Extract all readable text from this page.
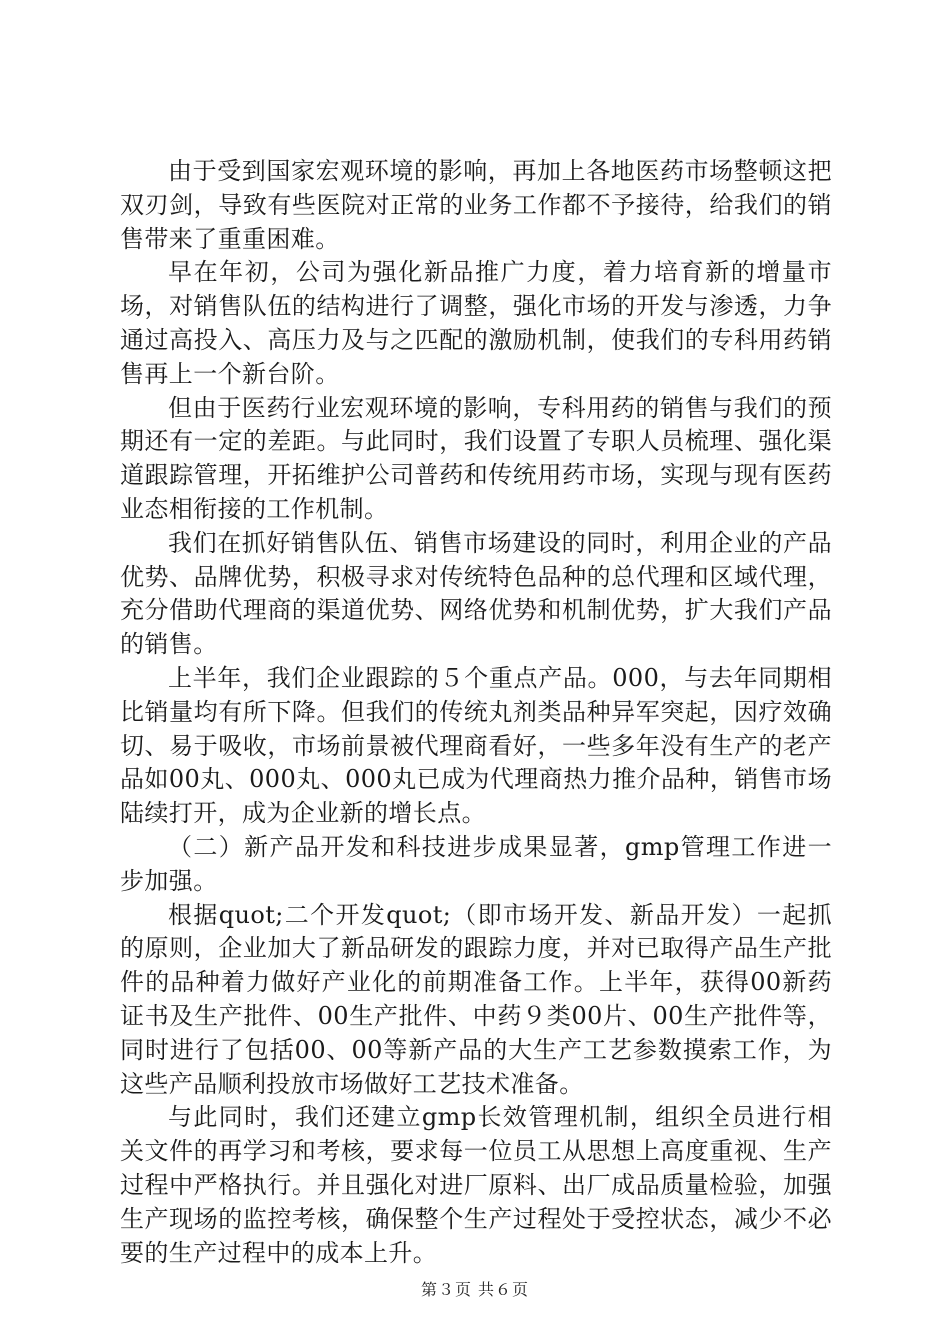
由于受到国家宏观环境的影响，再加上各地医药市场整顿这把双刃剑，导致有些医院对正常的业务工作都不予接待，给我们的销售带来了重重困难。

早在年初，公司为强化新品推广力度，着力培育新的增量市场，对销售队伍的结构进行了调整，强化市场的开发与渗透，力争通过高投入、高压力及与之匹配的激励机制，使我们的专科用药销售再上一个新台阶。

但由于医药行业宏观环境的影响，专科用药的销售与我们的预期还有一定的差距。与此同时，我们设置了专职人员梳理、强化渠道跟踪管理，开拓维护公司普药和传统用药市场，实现与现有医药业态相衔接的工作机制。

我们在抓好销售队伍、销售市场建设的同时，利用企业的产品优势、品牌优势，积极寻求对传统特色品种的总代理和区域代理，充分借助代理商的渠道优势、网络优势和机制优势，扩大我们产品的销售。

上半年，我们企业跟踪的５个重点产品。000，与去年同期相比销量均有所下降。但我们的传统丸剂类品种异军突起，因疗效确切、易于吸收，市场前景被代理商看好，一些多年没有生产的老产品如00丸、000丸、000丸已成为代理商热力推介品种，销售市场陆续打开，成为企业新的增长点。

（二）新产品开发和科技进步成果显著，gmp管理工作进一步加强。

根据quot;二个开发quot;（即市场开发、新品开发）一起抓的原则，企业加大了新品研发的跟踪力度，并对已取得产品生产批件的品种着力做好产业化的前期准备工作。上半年，获得00新药证书及生产批件、00生产批件、中药９类00片、00生产批件等，同时进行了包括00、00等新产品的大生产工艺参数摸索工作，为这些产品顺利投放市场做好工艺技术准备。

与此同时，我们还建立gmp长效管理机制，组织全员进行相关文件的再学习和考核，要求每一位员工从思想上高度重视、生产过程中严格执行。并且强化对进厂原料、出厂成品质量检验，加强生产现场的监控考核，确保整个生产过程处于受控状态，减少不必要的生产过程中的成本上升。

第３页 共６页
